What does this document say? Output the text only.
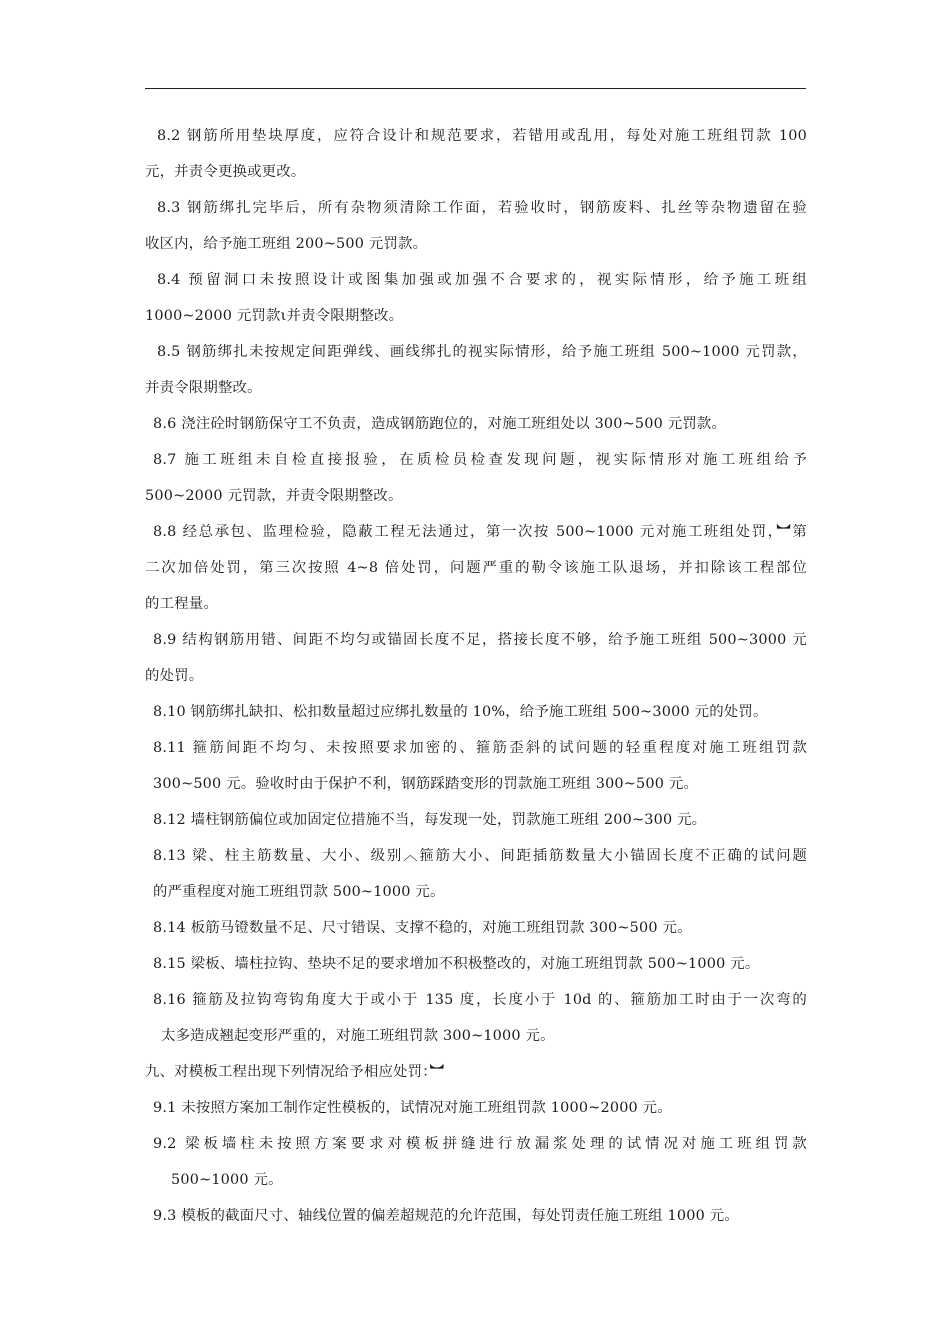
8.2 钢筋所用垫块厚度，应符合设计和规范要求，若错用或乱用，每处对施工班组罚款 100
元，并责令更换或更改。
8.3 钢筋绑扎完毕后，所有杂物须清除工作面，若验收时，钢筋废料、扎丝等杂物遗留在验
收区内，给予施工班组 200~500 元罚款。
8.4 预留洞口未按照设计或图集加强或加强不合要求的，视实际情形，给予施工班组
1000~2000 元罚款ι并责令限期整改。
8.5 钢筋绑扎未按规定间距弹线、画线绑扎的视实际情形，给予施工班组 500~1000 元罚款，
并责令限期整改。
8.6 浇注砼时钢筋保守工不负责，造成钢筋跑位的，对施工班组处以 300~500 元罚款。
8.7 施工班组未自检直接报验，在质检员检查发现问题，视实际情形对施工班组给予
500~2000 元罚款，并责令限期整改。
8.8 经总承包、监理检验，隐蔽工程无法通过，第一次按 500~1000 元对施工班组处罚，︼第
二次加倍处罚，第三次按照 4~8 倍处罚，问题严重的勒令该施工队退场，并扣除该工程部位
的工程量。
8.9 结构钢筋用错、间距不均匀或锚固长度不足，搭接长度不够，给予施工班组 500~3000 元
的处罚。
8.10 钢筋绑扎缺扣、松扣数量超过应绑扎数量的 10%，给予施工班组 500~3000 元的处罚。
8.11 箍筋间距不均匀、未按照要求加密的、箍筋歪斜的试问题的轻重程度对施工班组罚款
300~500 元。验收时由于保护不利，钢筋踩踏变形的罚款施工班组 300~500 元。
8.12 墙柱钢筋偏位或加固定位措施不当，每发现一处，罚款施工班组 200~300 元。
8.13 梁、柱主筋数量、大小、级别︿箍筋大小、间距插筋数量大小锚固长度不正确的试问题
的严重程度对施工班组罚款 500~1000 元。
8.14 板筋马镫数量不足、尺寸错误、支撑不稳的，对施工班组罚款 300~500 元。
8.15 梁板、墙柱拉钩、垫块不足的要求增加不积极整改的，对施工班组罚款 500~1000 元。
8.16 箍筋及拉钩弯钩角度大于或小于 135 度，长度小于 10d 的、箍筋加工时由于一次弯的
太多造成翘起变形严重的，对施工班组罚款 300~1000 元。
九、对模板工程出现下列情况给予相应处罚：︼
9.1 未按照方案加工制作定性模板的，试情况对施工班组罚款 1000~2000 元。
9.2 梁板墙柱未按照方案要求对模板拼缝进行放漏浆处理的试情况对施工班组罚款
500~1000 元。
9.3 模板的截面尺寸、轴线位置的偏差超规范的允许范围，每处罚责任施工班组 1000 元。
